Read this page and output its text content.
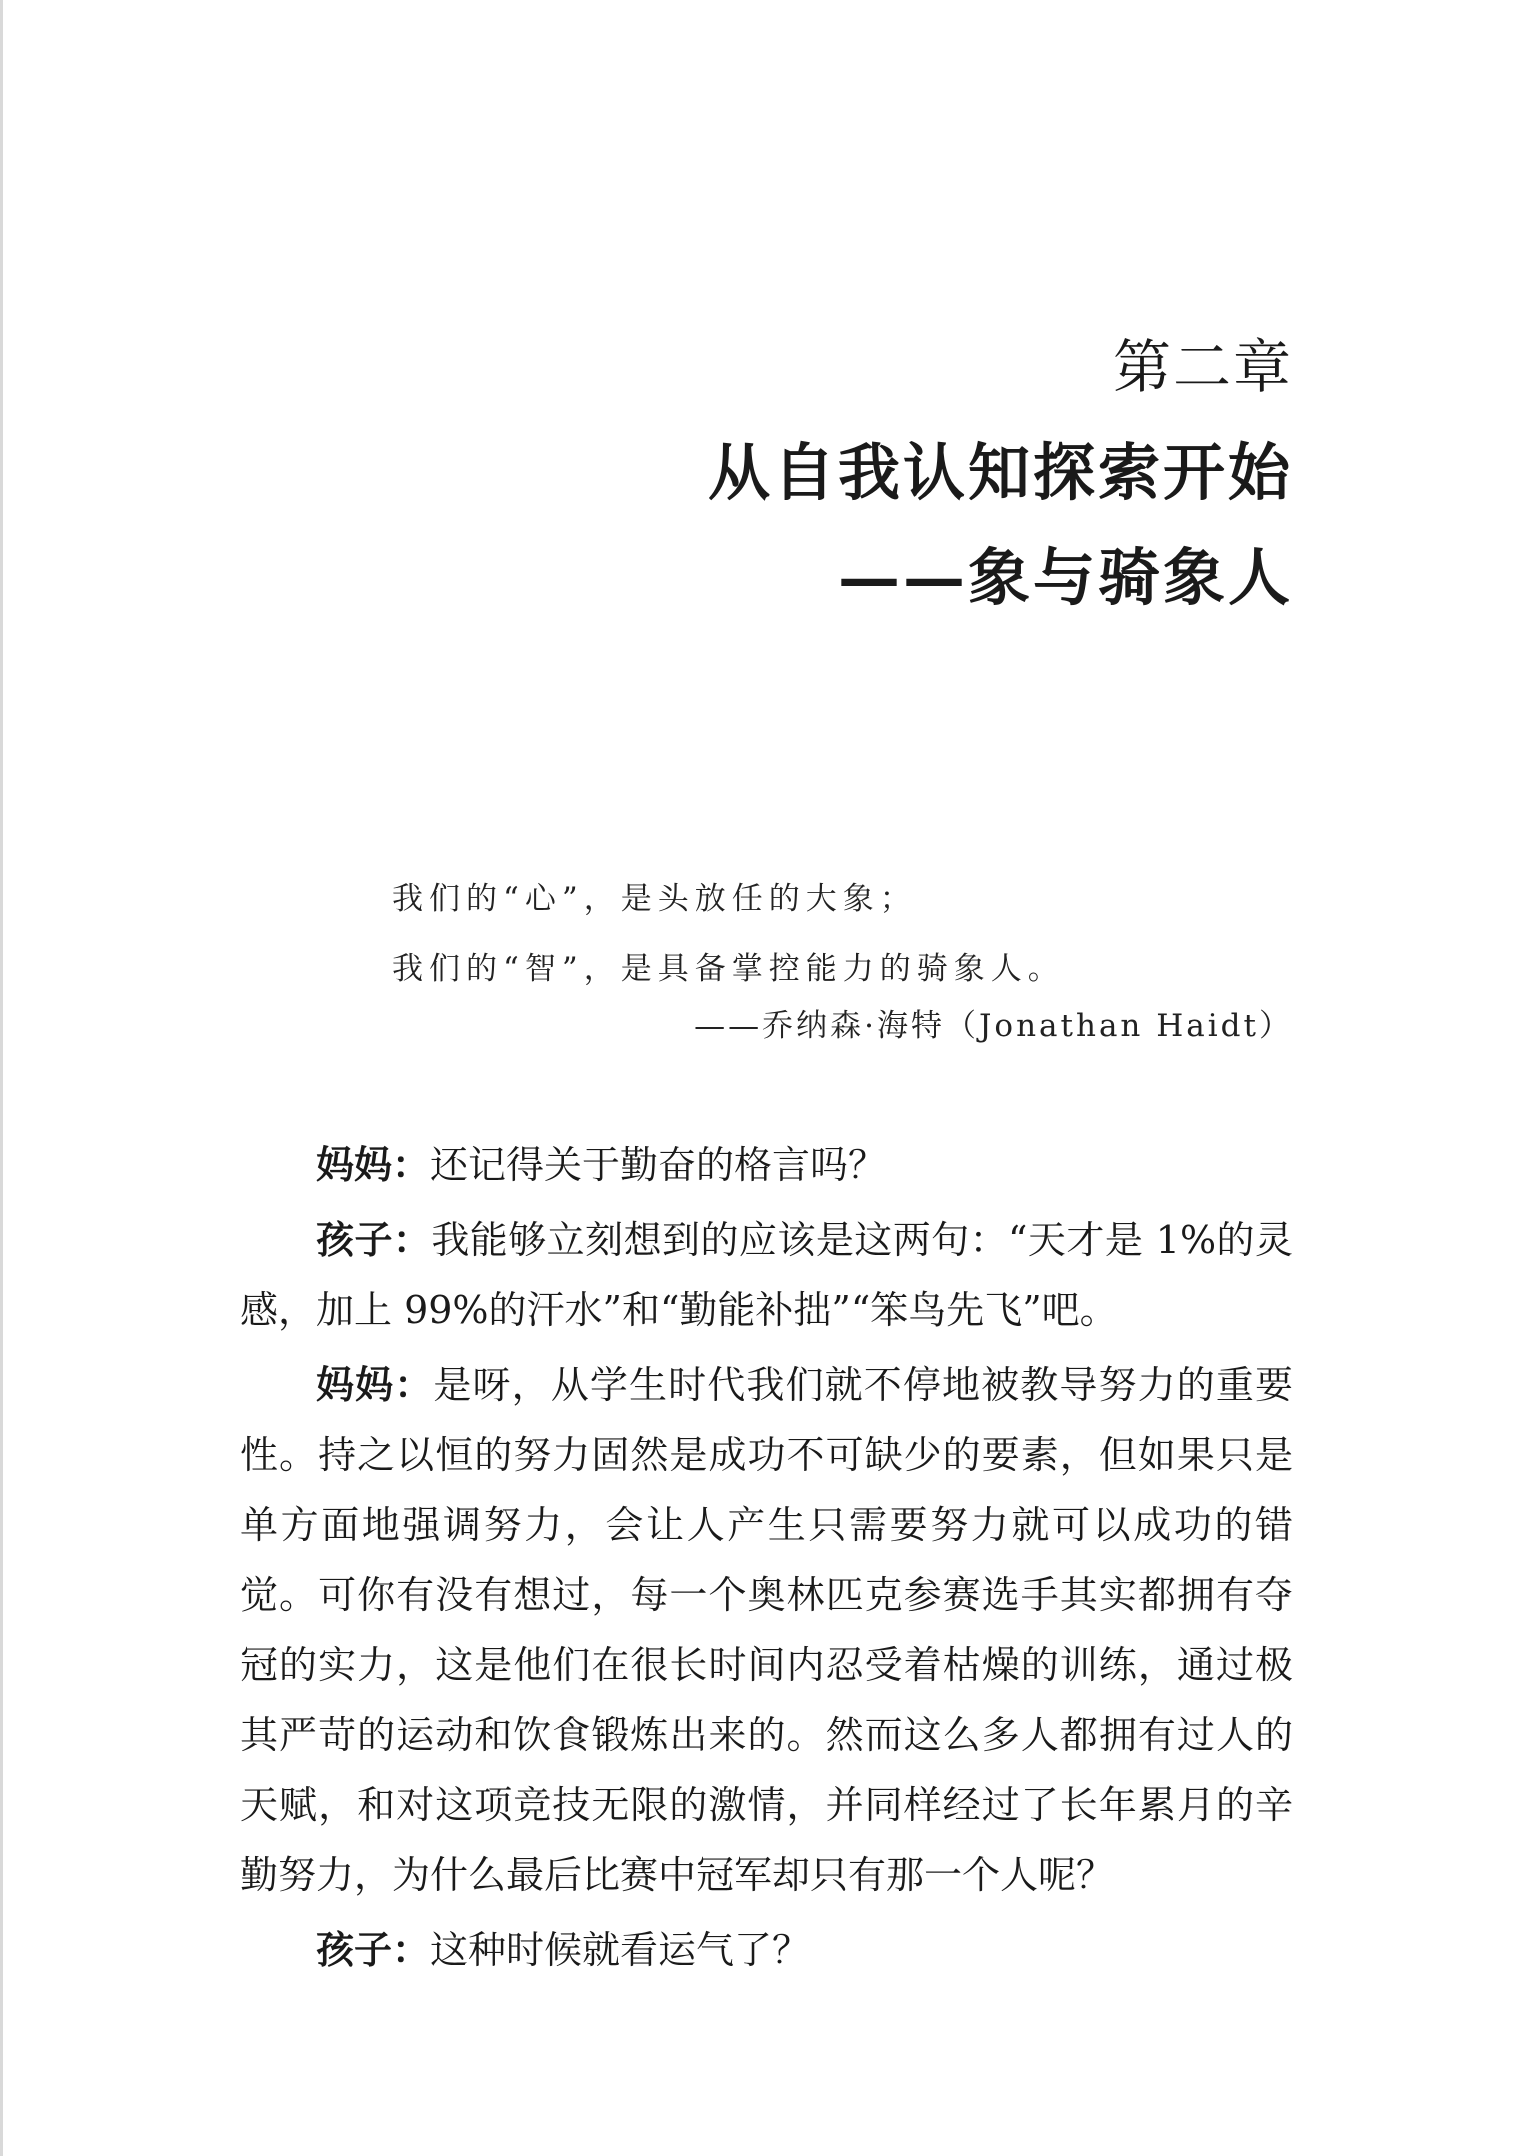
第二章
从自我认知探索开始
——象与骑象人
我们的“心”，是头放任的大象；
我们的“智”，是具备掌控能力的骑象人。
——乔纳森·海特（Jonathan Haidt）

妈妈：还记得关于勤奋的格言吗？

孩子：我能够立刻想到的应该是这两句：“天才是 1%的灵感，加上 99%的汗水”和“勤能补拙”“笨鸟先飞”吧。

妈妈：是呀，从学生时代我们就不停地被教导努力的重要性。持之以恒的努力固然是成功不可缺少的要素，但如果只是单方面地强调努力，会让人产生只需要努力就可以成功的错觉。可你有没有想过，每一个奥林匹克参赛选手其实都拥有夺冠的实力，这是他们在很长时间内忍受着枯燥的训练，通过极其严苛的运动和饮食锻炼出来的。然而这么多人都拥有过人的天赋，和对这项竞技无限的激情，并同样经过了长年累月的辛勤努力，为什么最后比赛中冠军却只有那一个人呢？

孩子：这种时候就看运气了？
